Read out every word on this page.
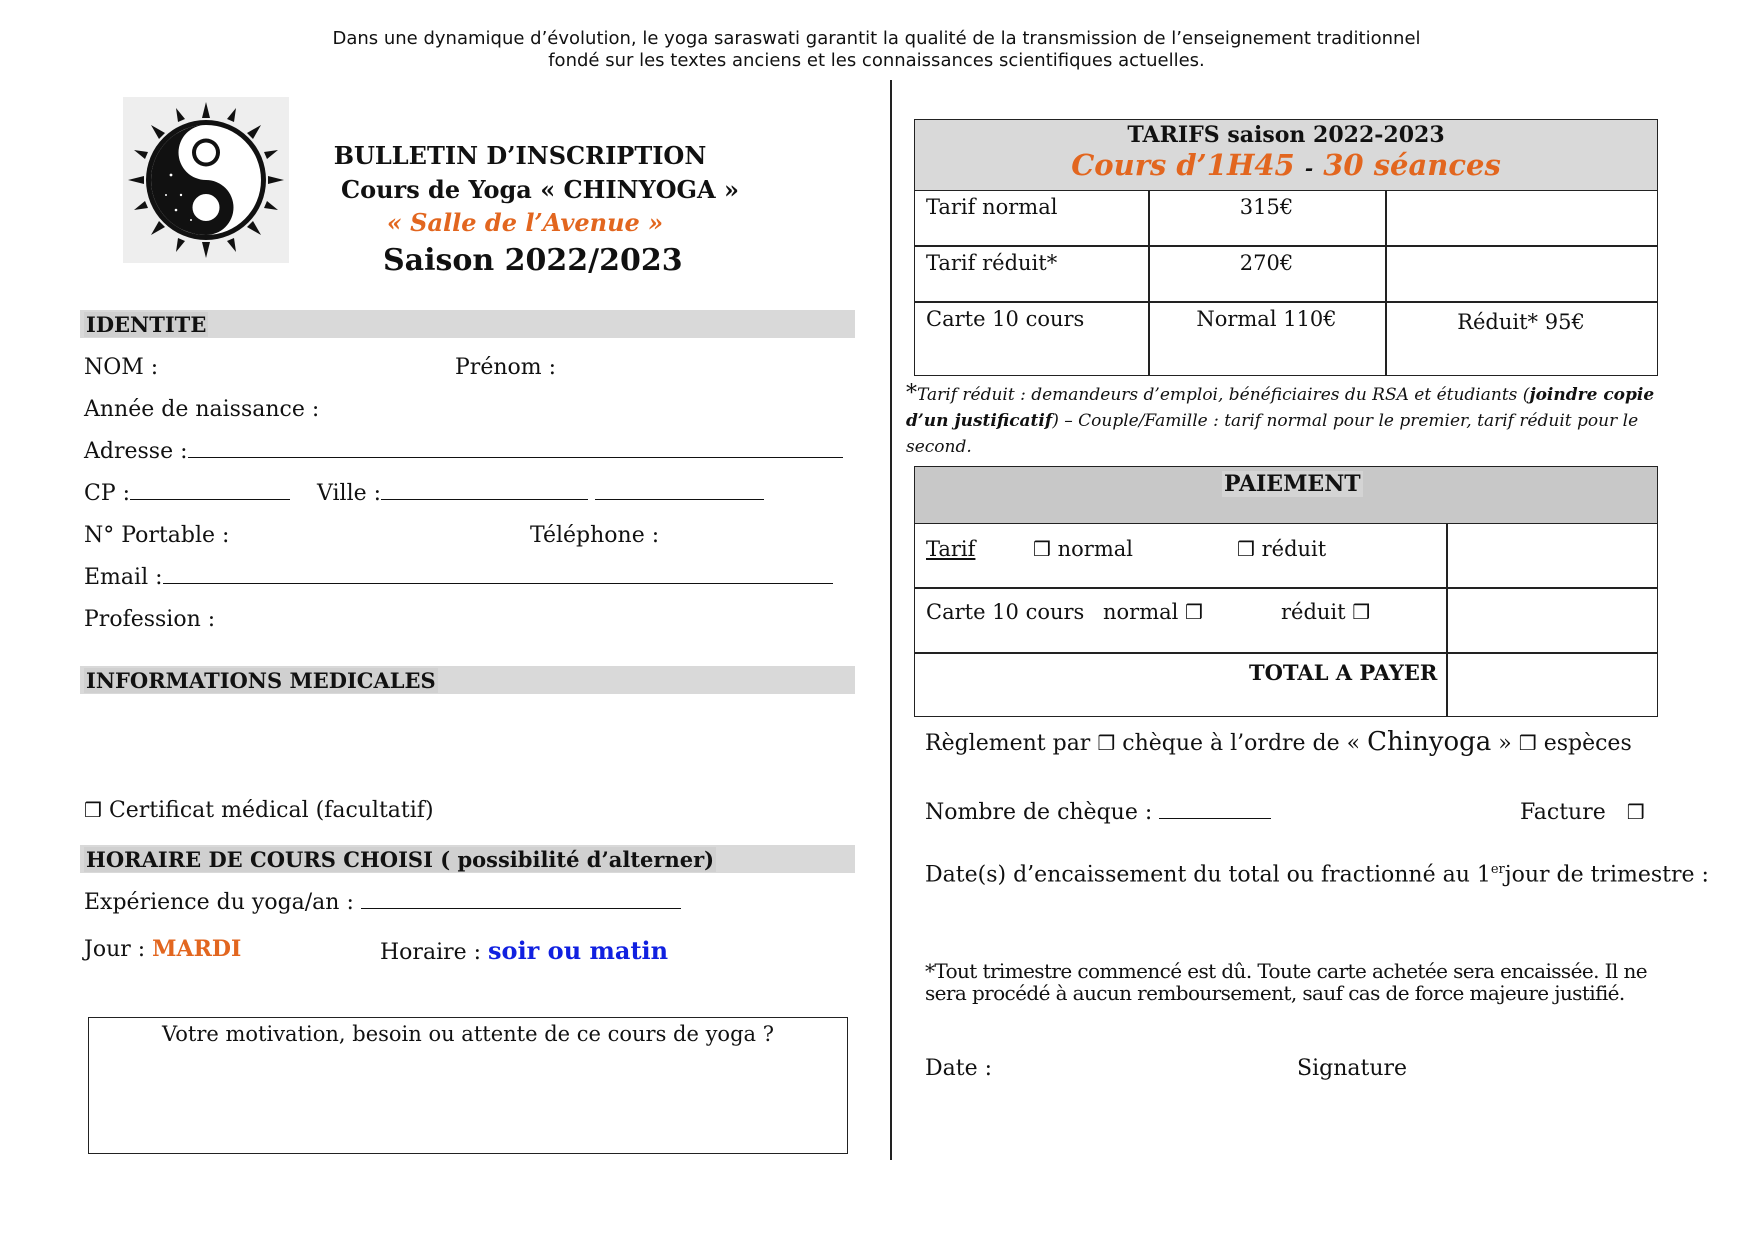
Dans une dynamique d’évolution, le yoga saraswati garantit la qualité de la transmission de l’enseignement traditionnel
fondé sur les textes anciens et les connaissances scientifiques actuelles.
BULLETIN D’INSCRIPTION
Cours de Yoga « CHINYOGA »
« Salle de l’Avenue »
Saison 2022/2023
IDENTITE
NOM :	Prénom :
Année de naissance :
Adresse :
CP :	Ville :
N° Portable :	Téléphone :
Email :
Profession :
INFORMATIONS MEDICALES
❒ Certificat médical (facultatif)
HORAIRE DE COURS CHOISI ( possibilité d’alterner)
Expérience du yoga/an :
Jour : MARDI	Horaire : soir ou matin
Votre motivation, besoin ou attente de ce cours de yoga ?
TARIFS saison 2022-2023
Cours d’1H45 - 30 séances
Tarif normal	315€
Tarif réduit*	270€
Carte 10 cours	Normal 110€	Réduit* 95€
*Tarif réduit : demandeurs d’emploi, bénéficiaires du RSA et étudiants (joindre copie d’un justificatif) – Couple/Famille : tarif normal pour le premier, tarif réduit pour le second.
PAIEMENT
Tarif	❒ normal	❒ réduit
Carte 10 cours normal ❒	réduit ❒
TOTAL A PAYER
Règlement par ❒ chèque à l’ordre de « Chinyoga » ❒ espèces
Nombre de chèque :	Facture ❒
Date(s) d’encaissement du total ou fractionné au 1erjour de trimestre :
*Tout trimestre commencé est dû. Toute carte achetée sera encaissée. Il ne
sera procédé à aucun remboursement, sauf cas de force majeure justifié.
Date :	Signature
